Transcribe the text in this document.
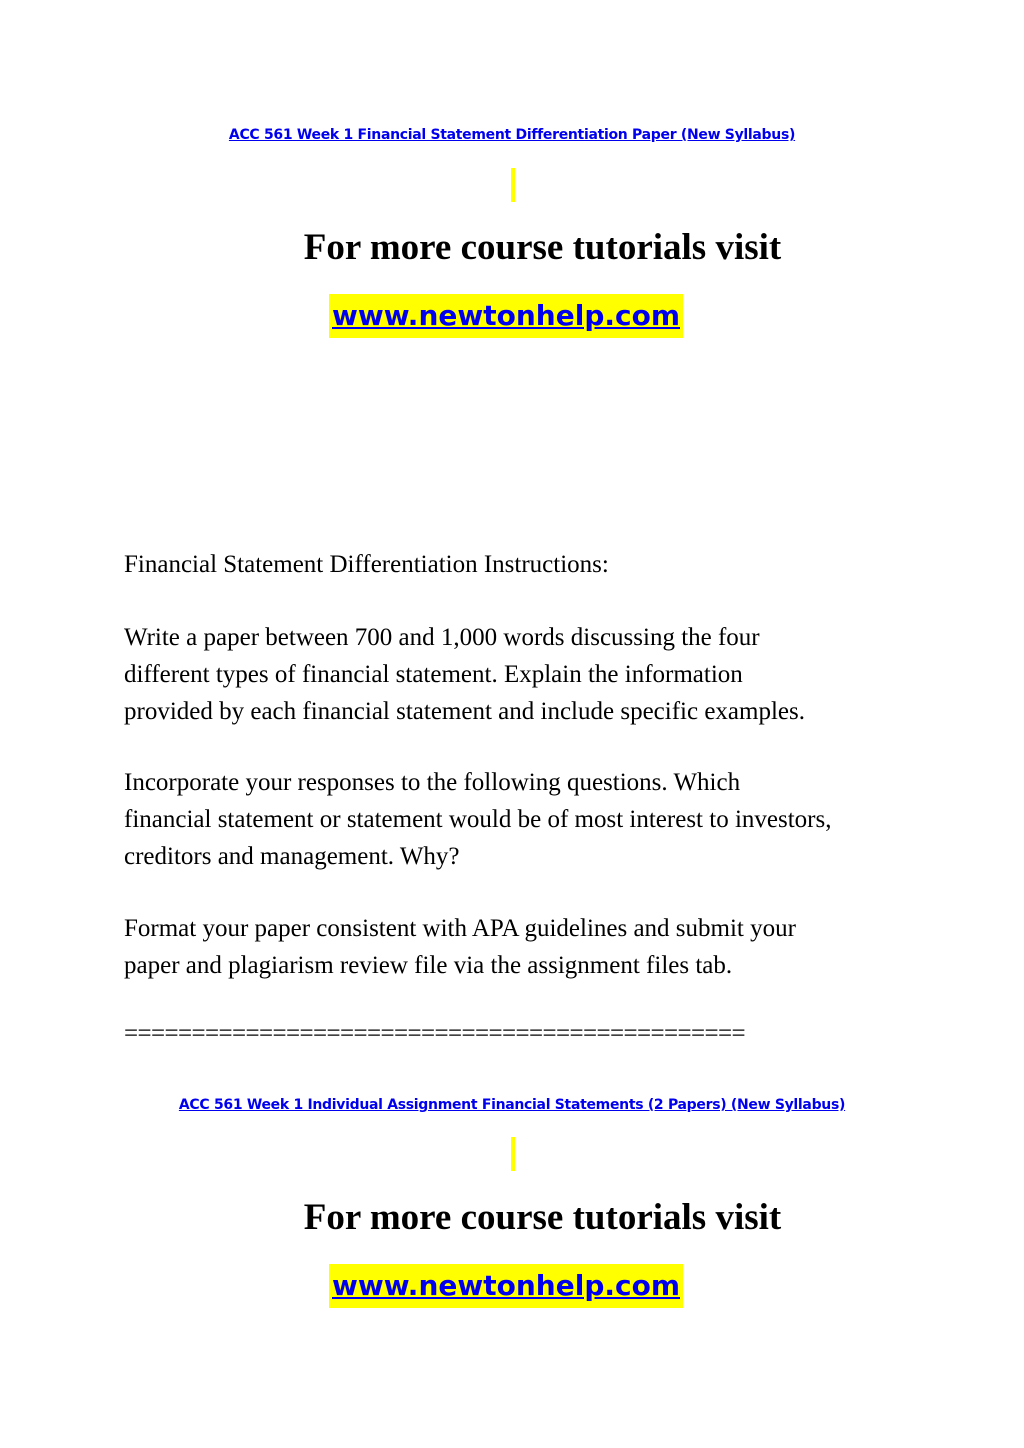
ACC 561 Week 1 Financial Statement Differentiation Paper (New Syllabus)
For more course tutorials visit
www.newtonhelp.com
Financial Statement Differentiation Instructions:
Write a paper between 700 and 1,000 words discussing the four
different types of financial statement. Explain the information
provided by each financial statement and include specific examples.
Incorporate your responses to the following questions. Which
financial statement or statement would be of most interest to investors,
creditors and management. Why?
Format your paper consistent with APA guidelines and submit your
paper and plagiarism review file via the assignment files tab.
==============================================
ACC 561 Week 1 Individual Assignment Financial Statements (2 Papers) (New Syllabus)
For more course tutorials visit
www.newtonhelp.com
